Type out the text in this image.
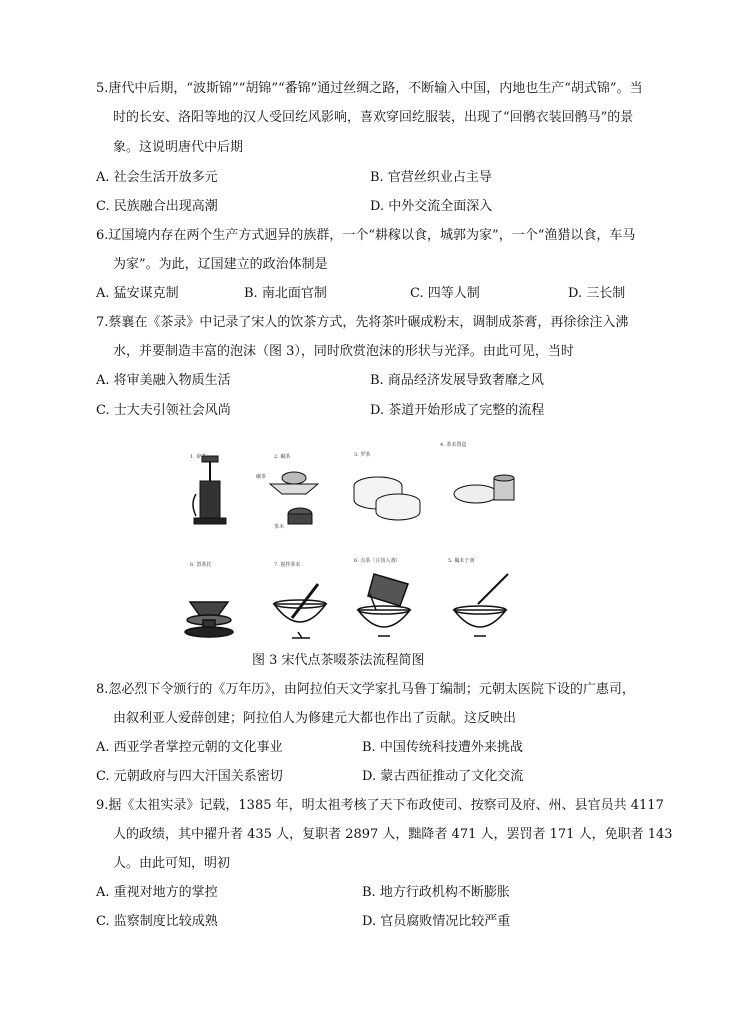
5.唐代中后期，“波斯锦”“胡锦”“番锦”通过丝绸之路，不断输入中国，内地也生产“胡式锦”。当
时的长安、洛阳等地的汉人受回纥风影响，喜欢穿回纥服装，出现了“回鹘衣装回鹘马”的景
象。这说明唐代中后期
A. 社会生活开放多元	B. 官营丝织业占主导
C. 民族融合出现高潮	D. 中外交流全面深入
6.辽国境内存在两个生产方式迥异的族群，一个“耕稼以食，城郭为家”，一个“渔猎以食，车马
为家”。为此，辽国建立的政治体制是
A. 猛安谋克制	B. 南北面官制	C. 四等人制	D. 三长制
7.蔡襄在《茶录》中记录了宋人的饮茶方式，先将茶叶碾成粉末，调制成茶膏，再徐徐注入沸
水，并要制造丰富的泡沫（图 3），同时欣赏泡沫的形状与光泽。由此可见，当时
A. 将审美融入物质生活	B. 商品经济发展导致奢靡之风
C. 士大夫引领社会风尚	D. 茶道开始形成了完整的流程
1. 碎茶	2. 碾茶	3. 罗茶
4. 茶末置盒
8. 置茶托	7. 搅拌茶末
6. 点茶（注汤入盏）	5. 撮末于盏
碾茶
茶末
图 3 宋代点茶啜茶法流程简图
8.忽必烈下令颁行的《万年历》，由阿拉伯天文学家扎马鲁丁编制；元朝太医院下设的广惠司，
由叙利亚人爱薛创建；阿拉伯人为修建元大都也作出了贡献。这反映出
A. 西亚学者掌控元朝的文化事业	B. 中国传统科技遭外来挑战
C. 元朝政府与四大汗国关系密切	D. 蒙古西征推动了文化交流
9.据《太祖实录》记载，1385 年，明太祖考核了天下布政使司、按察司及府、州、县官员共 4117
人的政绩，其中擢升者 435 人，复职者 2897 人，黜降者 471 人，罢罚者 171 人，免职者 143
人。由此可知，明初
A. 重视对地方的掌控	B. 地方行政机构不断膨胀
C. 监察制度比较成熟	D. 官员腐败情况比较严重
